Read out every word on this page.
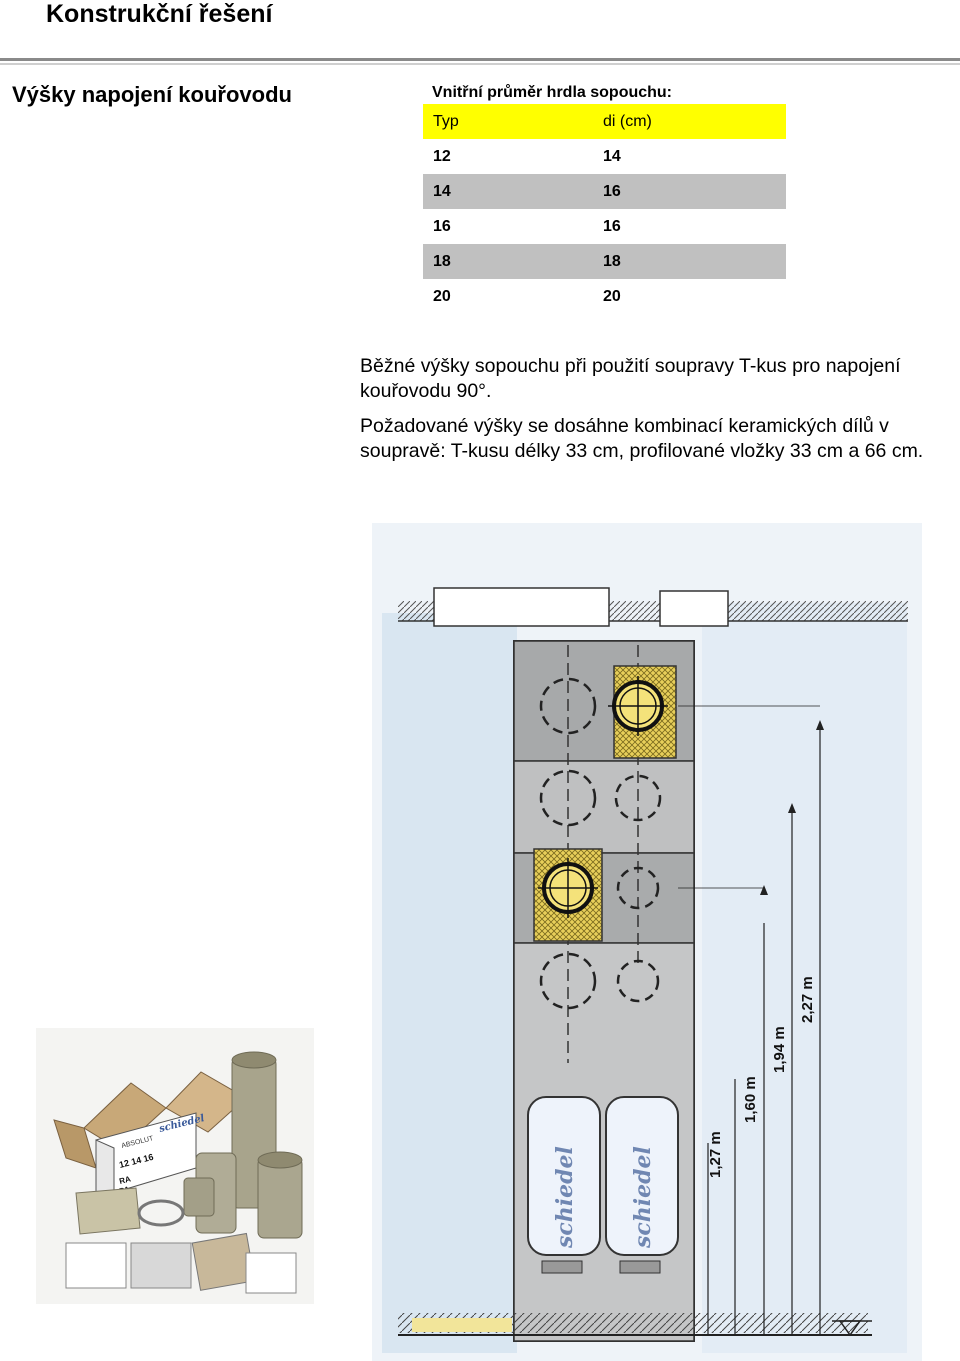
Konstrukční řešení
Výšky napojení kouřovodu	Vnitřní průměr hrdla sopouchu:
Typ	di (cm)
12	14
14	16
16	16
18	18
20	20
Běžné výšky sopouchu při použití soupravy T-kus pro napojení kouřovodu 90°.
Požadované výšky se dosáhne kombinací keramických dílů v soupravě: T-kusu délky 33 cm, profilované vložky 33 cm a 66 cm.
schiedel schiedel	1,27 m
1,60 m
1,94 m
2,27 m
schiedel
ABSOLUT
12 14 16
RA
